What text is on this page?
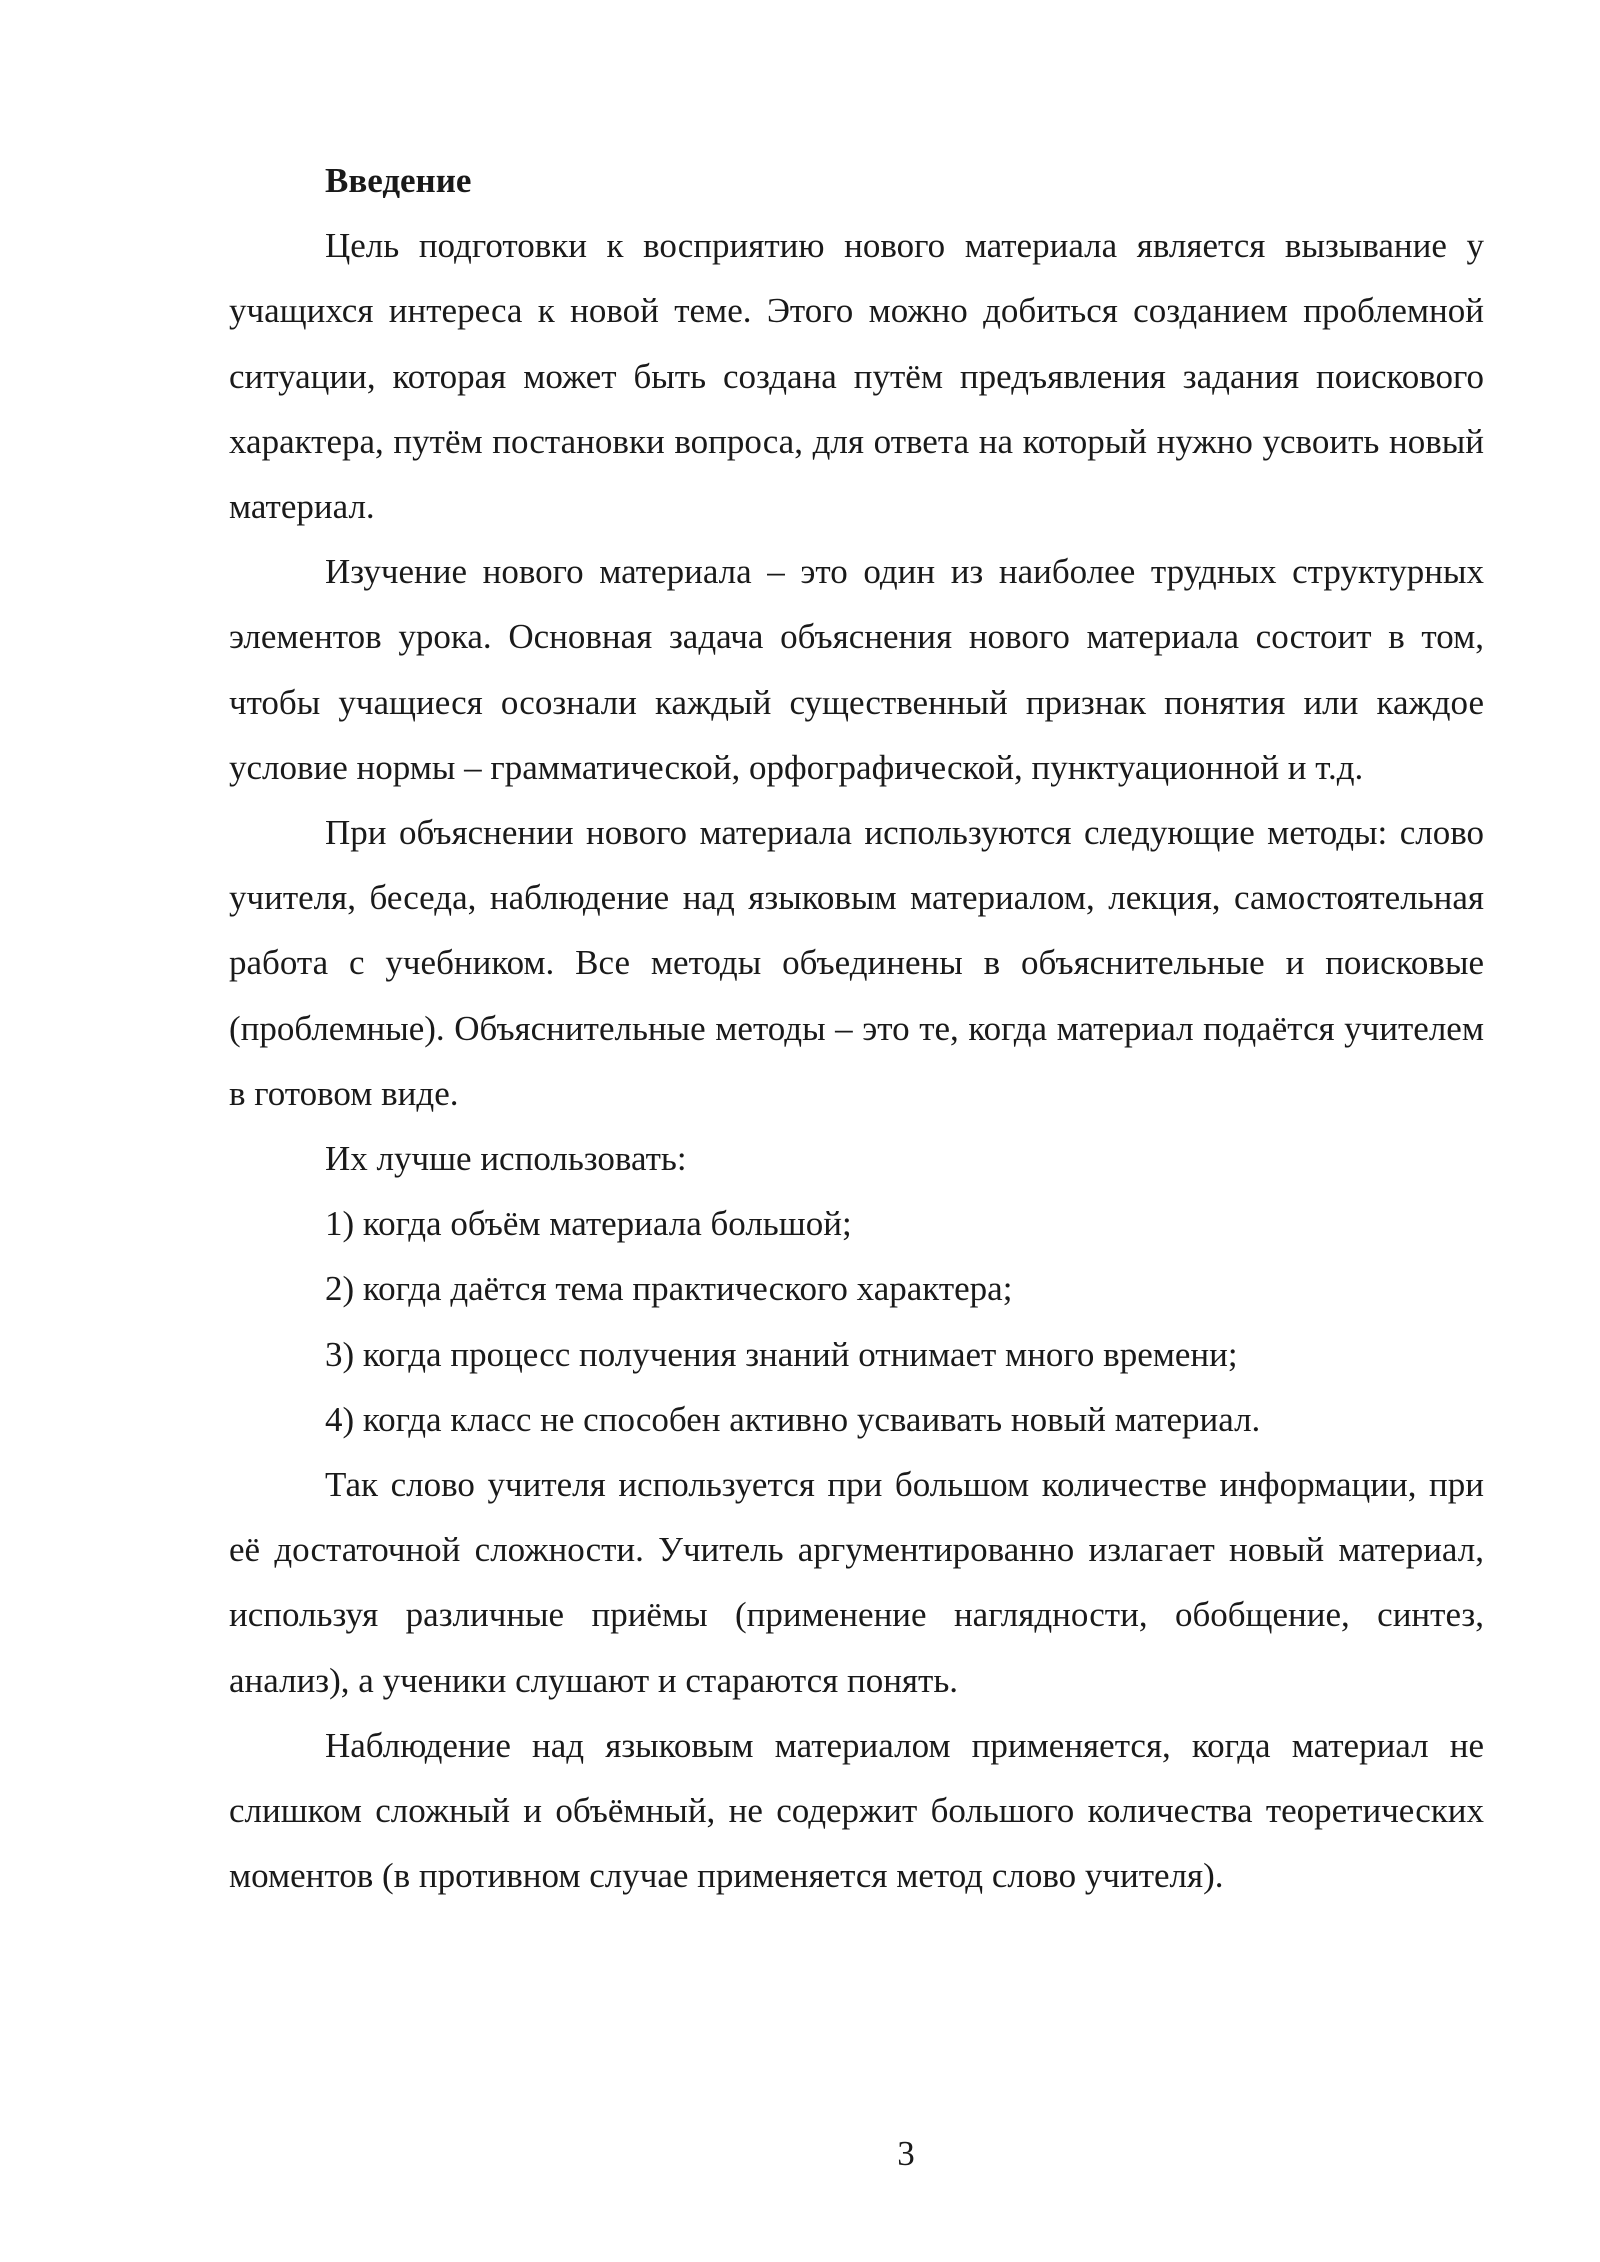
Введение

Цель подготовки к восприятию нового материала является вызывание у учащихся интереса к новой теме. Этого можно добиться созданием проблемной ситуации, которая может быть создана путём предъявления задания поискового характера, путём постановки вопроса, для ответа на который нужно усвоить новый материал.

Изучение нового материала – это один из наиболее трудных структурных элементов урока. Основная задача объяснения нового материала состоит в том, чтобы учащиеся осознали каждый существенный признак понятия или каждое условие нормы – грамматической, орфографической, пунктуационной и т.д.

При объяснении нового материала используются следующие методы: слово учителя, беседа, наблюдение над языковым материалом, лекция, самостоятельная работа с учебником. Все методы объединены в объяснительные и поисковые (проблемные). Объяснительные методы – это те, когда материал подаётся учителем в готовом виде.

Их лучше использовать:

1) когда объём материала большой;

2) когда даётся тема практического характера;

3) когда процесс получения знаний отнимает много времени;

4) когда класс не способен активно усваивать новый материал.

Так слово учителя используется при большом количестве информации, при её достаточной сложности. Учитель аргументированно излагает новый материал, используя различные приёмы (применение наглядности, обобщение, синтез, анализ), а ученики слушают и стараются понять.

Наблюдение над языковым материалом применяется, когда материал не слишком сложный и объёмный, не содержит большого количества теоретических моментов (в противном случае применяется метод слово учителя).

3
